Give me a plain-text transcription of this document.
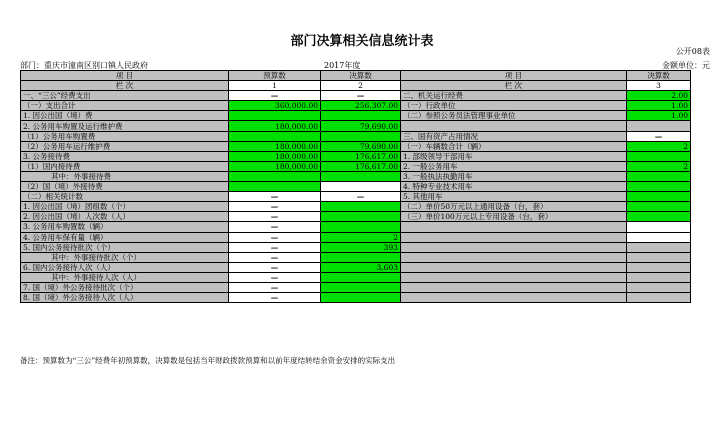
部门决算相关信息统计表
公开08表
部门：重庆市潼南区别口镇人民政府	2017年度	金额单位：元
项 目	预算数	决算数	项 目	决算数
栏 次	1	2	栏 次	3
一、“三公”经费支出	—	—	二、机关运行经费	2.00
（一）支出合计	360,000.00	256,307.00	（一）行政单位	1.00
1. 因公出国（境）费			（二）参照公务员法管理事业单位	1.00
2. 公务用车购置及运行维护费	180,000.00	79,690.00		
（1）公务用车购置费			三、国有资产占用情况	—
（2）公务用车运行维护费	180,000.00	79,690.00	（一）车辆数合计（辆）	2
3. 公务接待费	180,000.00	176,617.00	1. 部级领导干部用车	
（1）国内接待费	180,000.00	176,617.00	2. 一般公务用车	2
其中：外事接待费			3. 一般执法执勤用车	
（2）国（境）外接待费			4. 特种专业技术用车	
（二）相关统计数	—	—	5. 其他用车	
1. 因公出国（境）团组数（个）	—		（二）单价50万元以上通用设备（台，套）	
2. 因公出国（境）人次数（人）	—		（三）单价100万元以上专用设备（台，套）	
3. 公务用车购置数（辆）	—			
4. 公务用车保有量（辆）	—	2		
5. 国内公务接待批次（个）	—	393		
其中：外事接待批次（个）	—			
6. 国内公务接待人次（人）	—	3,603		
其中：外事接待人次（人）	—			
7. 国（境）外公务接待批次（个）	—			
8. 国（境）外公务接待人次（人）	—			
备注：预算数为“三公”经费年初预算数，决算数是包括当年财政拨款预算和以前年度结转结余资金安排的实际支出
